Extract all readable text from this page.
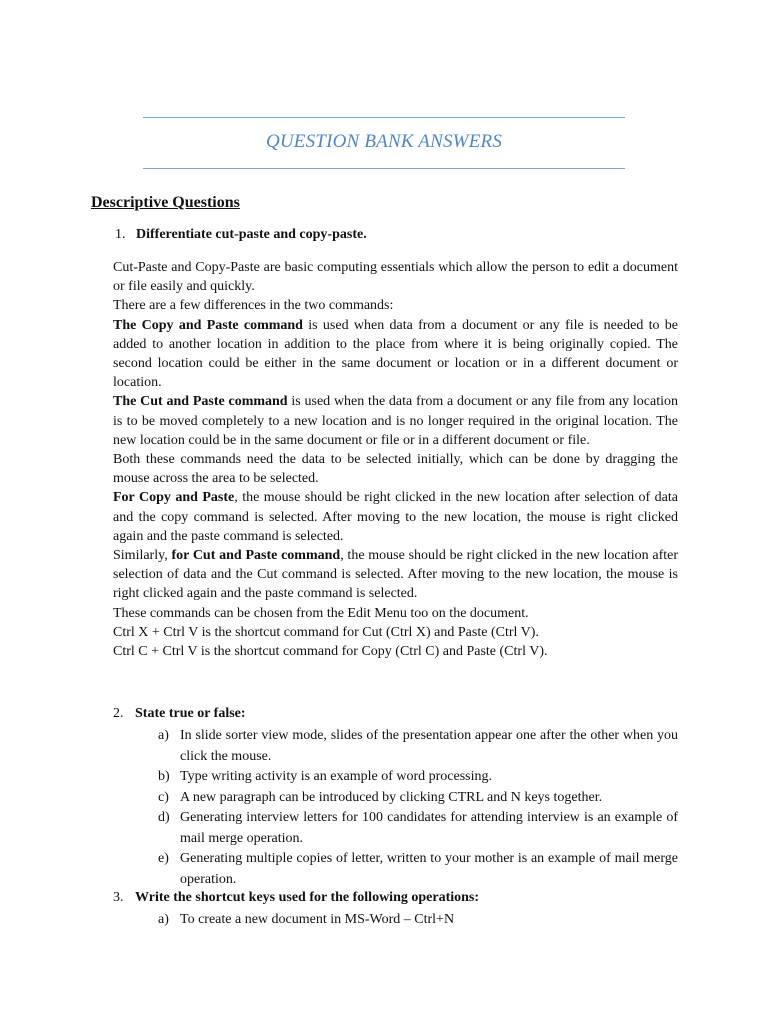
QUESTION BANK ANSWERS
Descriptive Questions
1. Differentiate cut-paste and copy-paste.

Cut-Paste and Copy-Paste are basic computing essentials which allow the person to edit a document or file easily and quickly.

There are a few differences in the two commands:

The Copy and Paste command is used when data from a document or any file is needed to be added to another location in addition to the place from where it is being originally copied. The second location could be either in the same document or location or in a different document or location.

The Cut and Paste command is used when the data from a document or any file from any location is to be moved completely to a new location and is no longer required in the original location. The new location could be in the same document or file or in a different document or file.

Both these commands need the data to be selected initially, which can be done by dragging the mouse across the area to be selected.

For Copy and Paste, the mouse should be right clicked in the new location after selection of data and the copy command is selected. After moving to the new location, the mouse is right clicked again and the paste command is selected.

Similarly, for Cut and Paste command, the mouse should be right clicked in the new location after selection of data and the Cut command is selected. After moving to the new location, the mouse is right clicked again and the paste command is selected.

These commands can be chosen from the Edit Menu too on the document.

Ctrl X + Ctrl V is the shortcut command for Cut (Ctrl X) and Paste (Ctrl V).

Ctrl C + Ctrl V is the shortcut command for Copy (Ctrl C) and Paste (Ctrl V).

2. State true or false:
a) In slide sorter view mode, slides of the presentation appear one after the other when you click the mouse.
b) Type writing activity is an example of word processing.
c) A new paragraph can be introduced by clicking CTRL and N keys together.
d) Generating interview letters for 100 candidates for attending interview is an example of mail merge operation.
e) Generating multiple copies of letter, written to your mother is an example of mail merge operation.
3. Write the shortcut keys used for the following operations:
a) To create a new document in MS-Word – Ctrl+N
